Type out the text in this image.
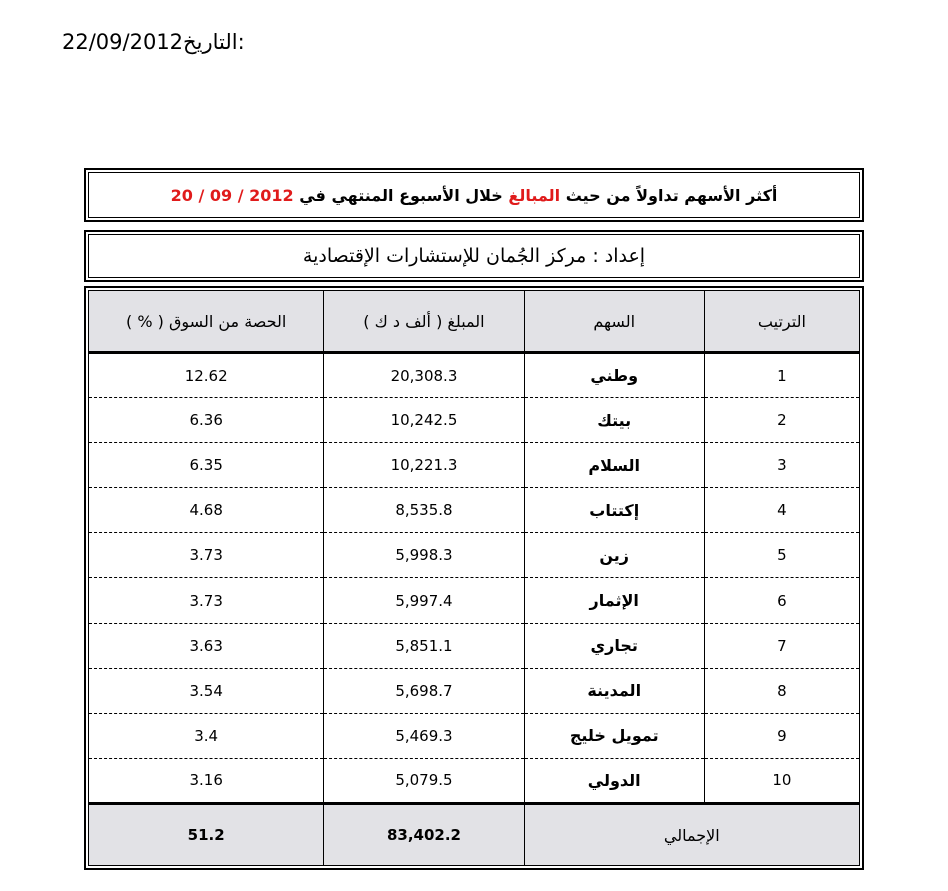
22/09/2012التاريخ:
أكثر الأسهم تداولاً من حيث

المبالغ

خلال الأسبوع المنتهي في

20 / 09 / 2012
إعداد : مركز الجُمان للإستشارات الإقتصادية
الترتيب	السهم	المبلغ ( ألف د ك )	الحصة من السوق ( % )
1	وطني	20,308.3	12.62
2	بيتك	10,242.5	6.36
3	السلام	10,221.3	6.35
4	إكتتاب	8,535.8	4.68
5	زين	5,998.3	3.73
6	الإثمار	5,997.4	3.73
7	تجاري	5,851.1	3.63
8	المدينة	5,698.7	3.54
9	تمويل خليج	5,469.3	3.4
10	الدولي	5,079.5	3.16
الإجمالي		83,402.2	51.2
